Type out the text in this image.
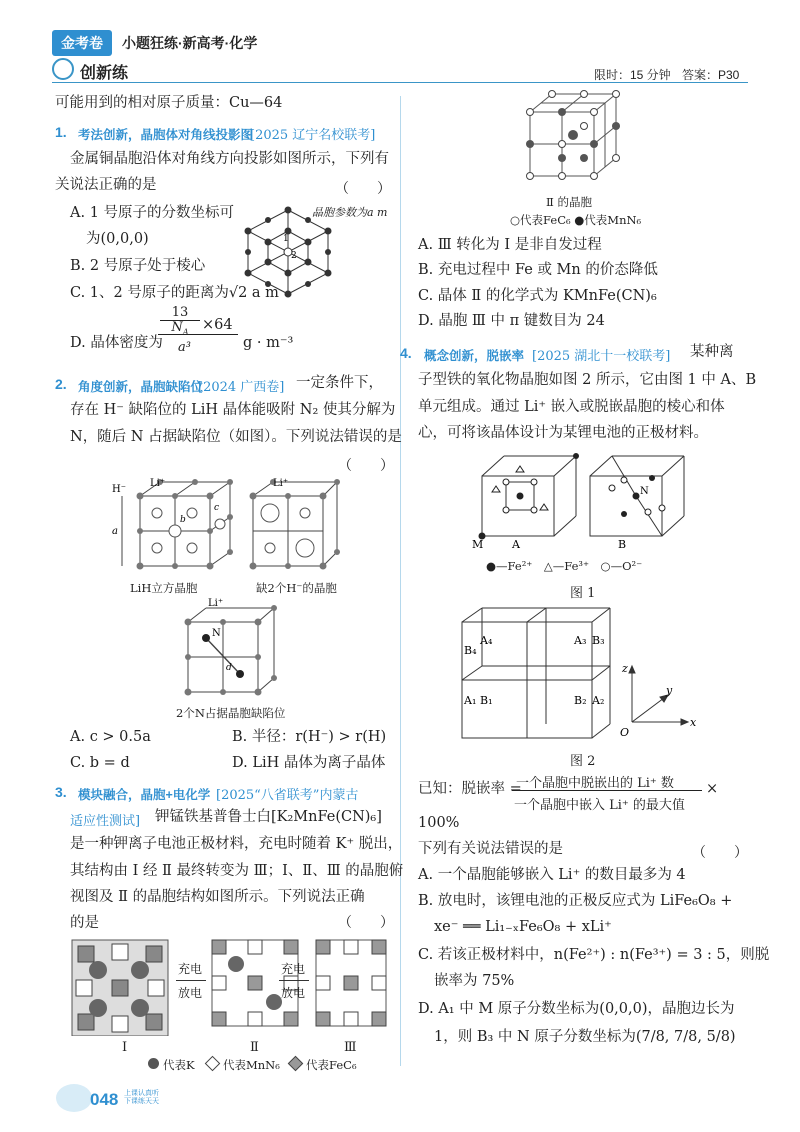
金考卷	小题狂练·新高考·化学
创新练	限时：15 分钟 答案：P30
可能用到的相对原子质量：Cu—64
1. 考法创新，晶胞体对角线投影图
[2025 辽宁名校联考]
金属铜晶胞沿体对角线方向投影如图所示，下列有
关说法正确的是	（　　）
晶胞参数为a m
1
2
A. 1 号原子的分数坐标可
为(0,0,0)
B. 2 号原子处于棱心
C. 1、2 号原子的距离为√2 a m
D. 晶体密度为
13
$N_A \times 64$
a³	g · m⁻³
2. 角度创新，晶胞缺陷位
[2024 广西卷] 一定条件下，
存在 H⁻ 缺陷位的 LiH 晶体能吸附 N₂ 使其分解为
N，随后 N 占据缺陷位（如图）。下列说法错误的是
（　　）
H⁻
Li⁺
a
b
c
Li⁺
LiH立方晶胞	缺2个H⁻的晶胞
Li⁺
N
d
2个N占据晶胞缺陷位
A. c > 0.5a	B. 半径：r(H⁻) > r(H)
C. b = d	D. LiH 晶体为离子晶体
3. 模块融合，晶胞+电化学 [2025“八省联考”内蒙古
适应性测试] 钾锰铁基普鲁士白[K₂MnFe(CN)₆]
是一种钾离子电池正极材料，充电时随着 K⁺ 脱出，
其结构由 Ⅰ 经 Ⅱ 最终转变为 Ⅲ；Ⅰ、Ⅱ、Ⅲ 的晶胞俯
视图及 Ⅱ 的晶胞结构如图所示。下列说法正确
的是	（　　）
充电
放电
充电
放电
Ⅰ	Ⅱ	Ⅲ
代表K 代表MnN₆ 代表FeC₆
Ⅱ 的晶胞
○代表FeC₆ ●代表MnN₆
A. Ⅲ 转化为 Ⅰ 是非自发过程
B. 充电过程中 Fe 或 Mn 的价态降低
C. 晶体 Ⅱ 的化学式为 KMnFe(CN)₆
D. 晶胞 Ⅲ 中 π 键数目为 24
4. 概念创新，脱嵌率 [2025 湖北十一校联考] 某种离
子型铁的氧化物晶胞如图 2 所示，它由图 1 中 A、B
单元组成。通过 Li⁺ 嵌入或脱嵌晶胞的棱心和体
心，可将该晶体设计为某锂电池的正极材料。
M	A	B
N
●—Fe²⁺　△—Fe³⁺　○—O²⁻
图 1
B₄
A₄	A₃ B₃
A₁ B₁	B₂ A₂
z
x
y
O
图 2
已知：脱嵌率 =
一个晶胞中脱嵌出的 Li⁺ 数
一个晶胞中嵌入 Li⁺ 的最大值
×
100%
下列有关说法错误的是	（　　）
A. 一个晶胞能够嵌入 Li⁺ 的数目最多为 4
B. 放电时，该锂电池的正极反应式为 LiFe₆O₈ +
xe⁻ ══ Li₁₋ₓFe₆O₈ + xLi⁺
C. 若该正极材料中，n(Fe²⁺) : n(Fe³⁺) = 3 : 5，则脱
嵌率为 75%
D. A₁ 中 M 原子分数坐标为(0,0,0)，晶胞边长为
1，则 B₃ 中 N 原子分数坐标为(7/8, 7/8, 5/8)
048 上课认真听
下课练天天
